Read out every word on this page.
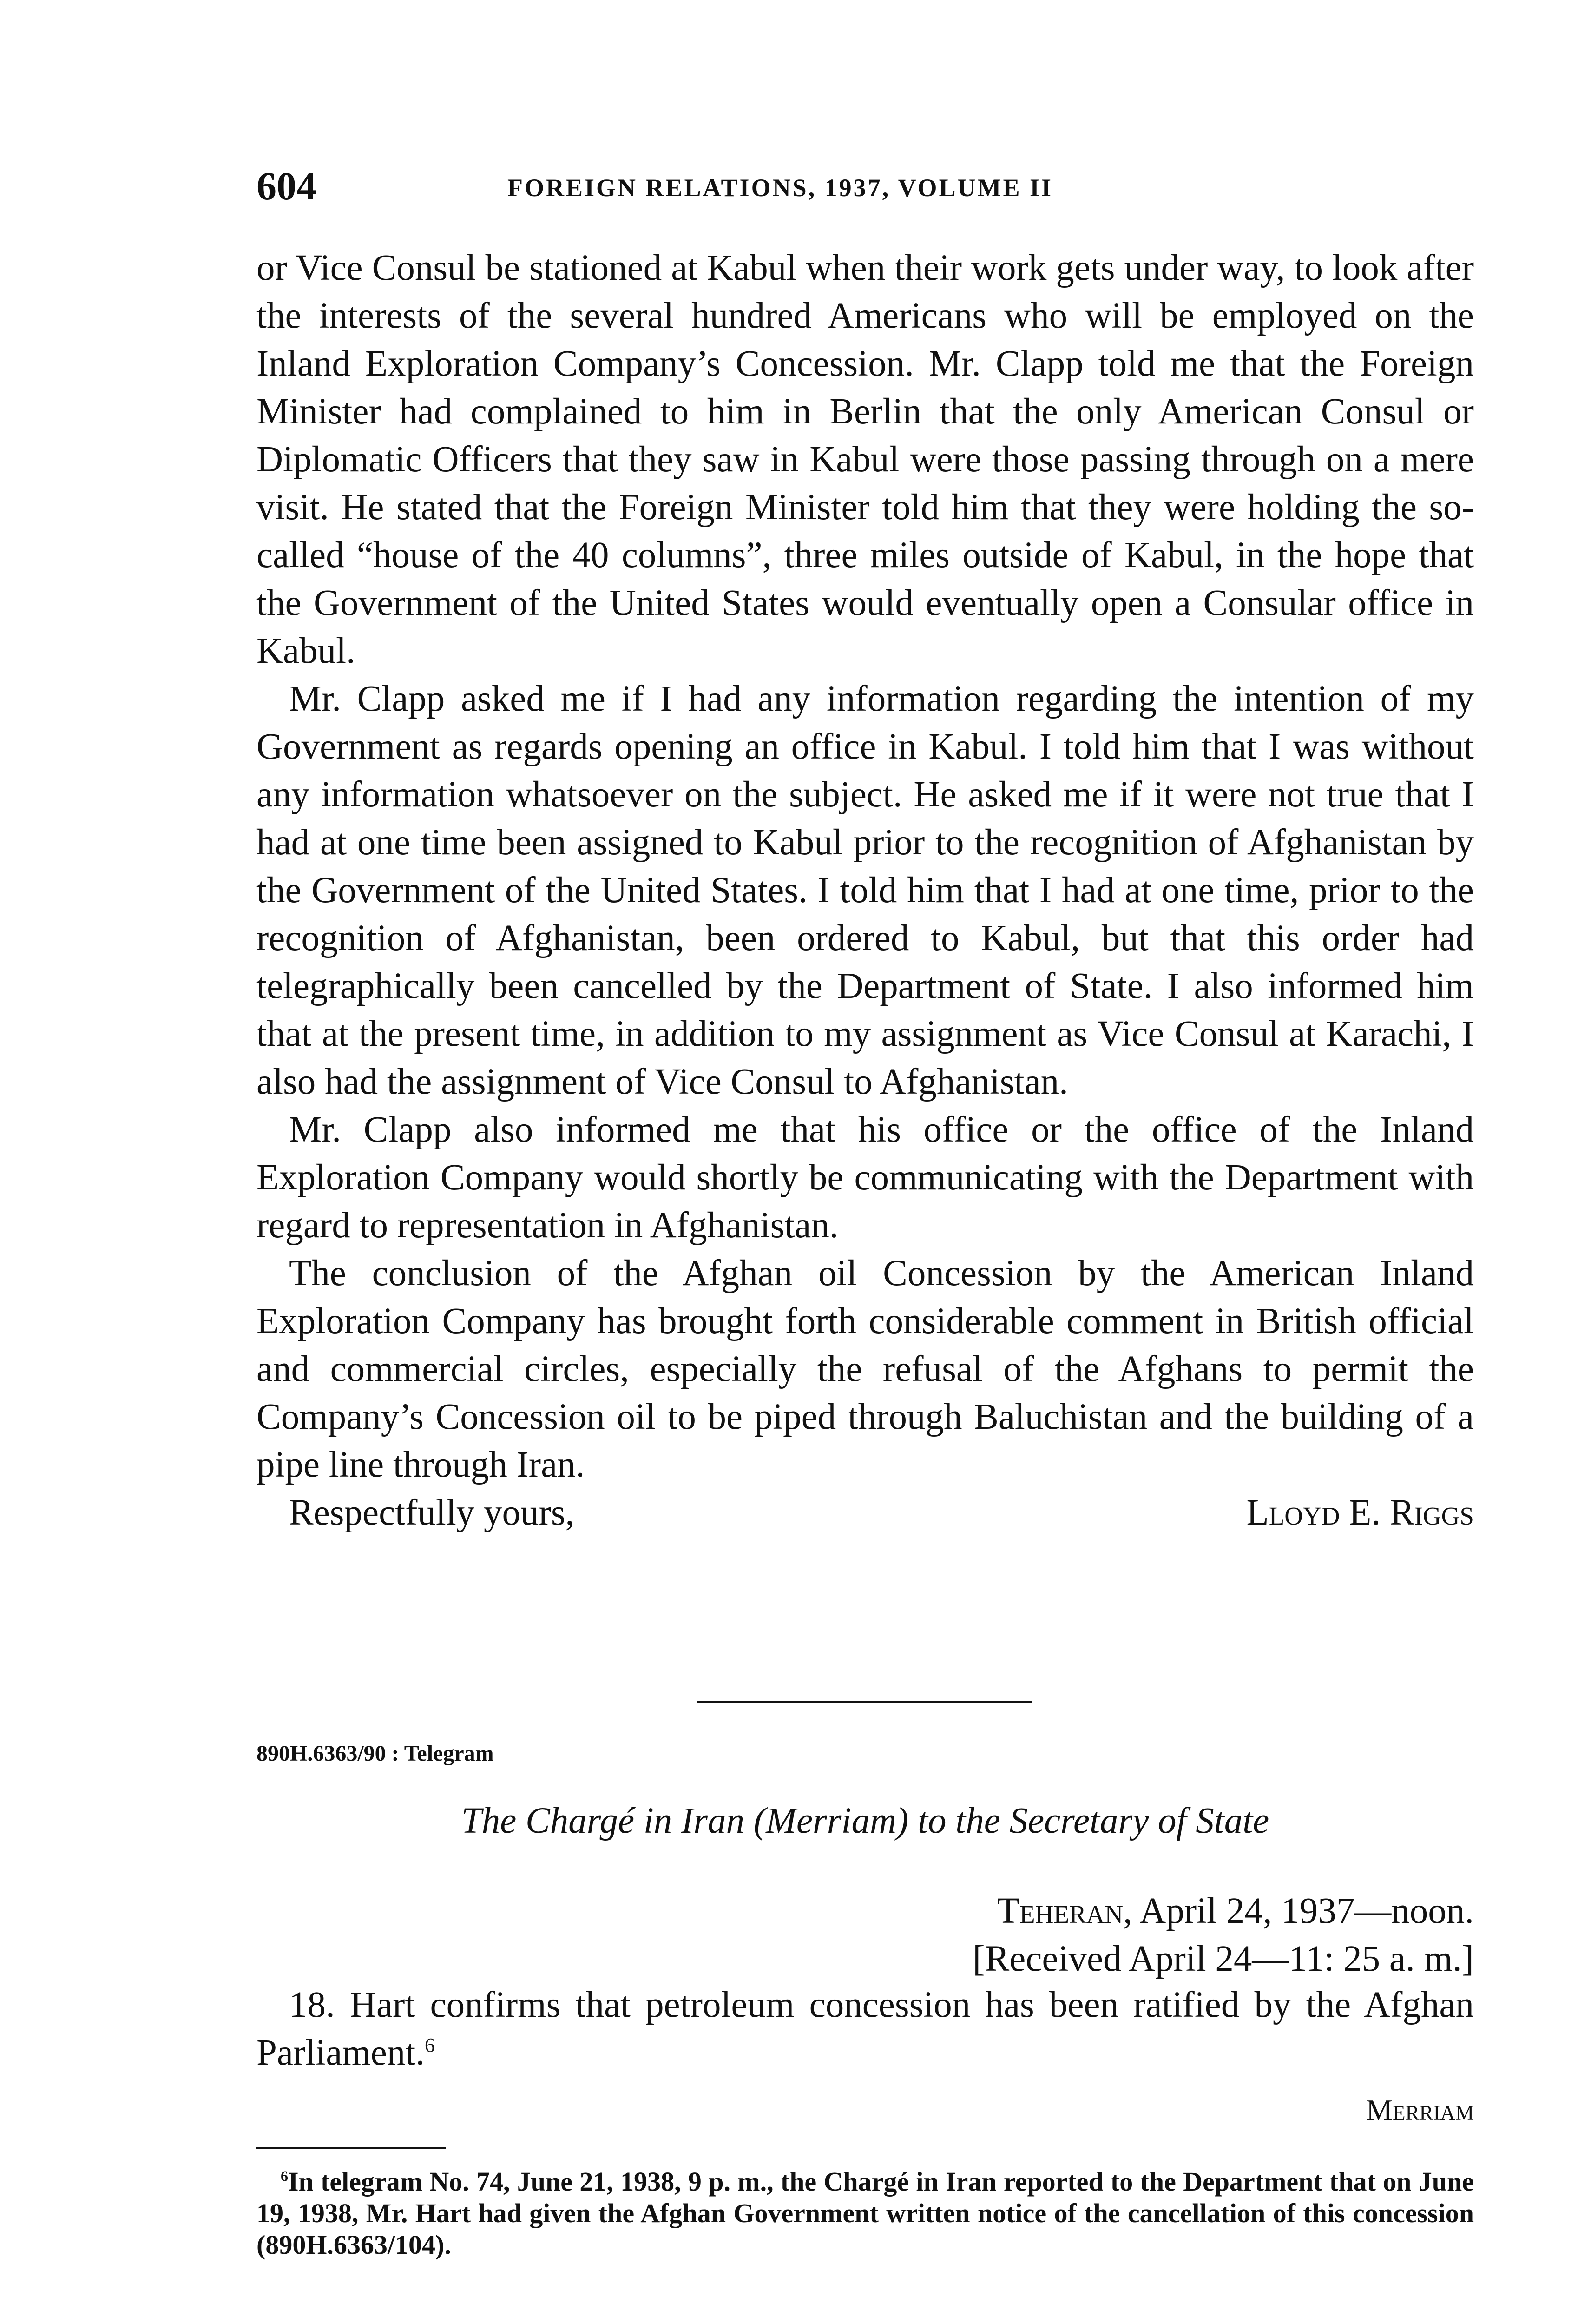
604	FOREIGN RELATIONS, 1937, VOLUME II

or Vice Consul be stationed at Kabul when their work gets under way, to look after the interests of the several hundred Americans who will be employed on the Inland Exploration Company’s Concession. Mr. Clapp told me that the Foreign Minister had complained to him in Berlin that the only American Consul or Diplomatic Officers that they saw in Kabul were those passing through on a mere visit. He stated that the Foreign Minister told him that they were holding the so-called “house of the 40 columns”, three miles outside of Kabul, in the hope that the Government of the United States would eventually open a Consular office in Kabul.

Mr. Clapp asked me if I had any information regarding the intention of my Government as regards opening an office in Kabul. I told him that I was without any information whatsoever on the subject. He asked me if it were not true that I had at one time been assigned to Kabul prior to the recognition of Afghanistan by the Government of the United States. I told him that I had at one time, prior to the recognition of Afghanistan, been ordered to Kabul, but that this order had telegraphically been cancelled by the Department of State. I also informed him that at the present time, in addition to my assignment as Vice Consul at Karachi, I also had the assignment of Vice Consul to Afghanistan.

Mr. Clapp also informed me that his office or the office of the Inland Exploration Company would shortly be communicating with the Department with regard to representation in Afghanistan.

The conclusion of the Afghan oil Concession by the American Inland Exploration Company has brought forth considerable comment in British official and commercial circles, especially the refusal of the Afghans to permit the Company’s Concession oil to be piped through Baluchistan and the building of a pipe line through Iran.

Respectfully yours,	Lloyd E. Riggs
890H.6363/90 : Telegram
The Chargé in Iran (Merriam) to the Secretary of State
Teheran, April 24, 1937—noon.
[Received April 24—11: 25 a. m.]
18. Hart confirms that petroleum concession has been ratified by the Afghan Parliament.$^6$
Merriam
$^6$In telegram No. 74, June 21, 1938, 9 p. m., the Chargé in Iran reported to the Department that on June 19, 1938, Mr. Hart had given the Afghan Government written notice of the cancellation of this concession (890H.6363/104).
